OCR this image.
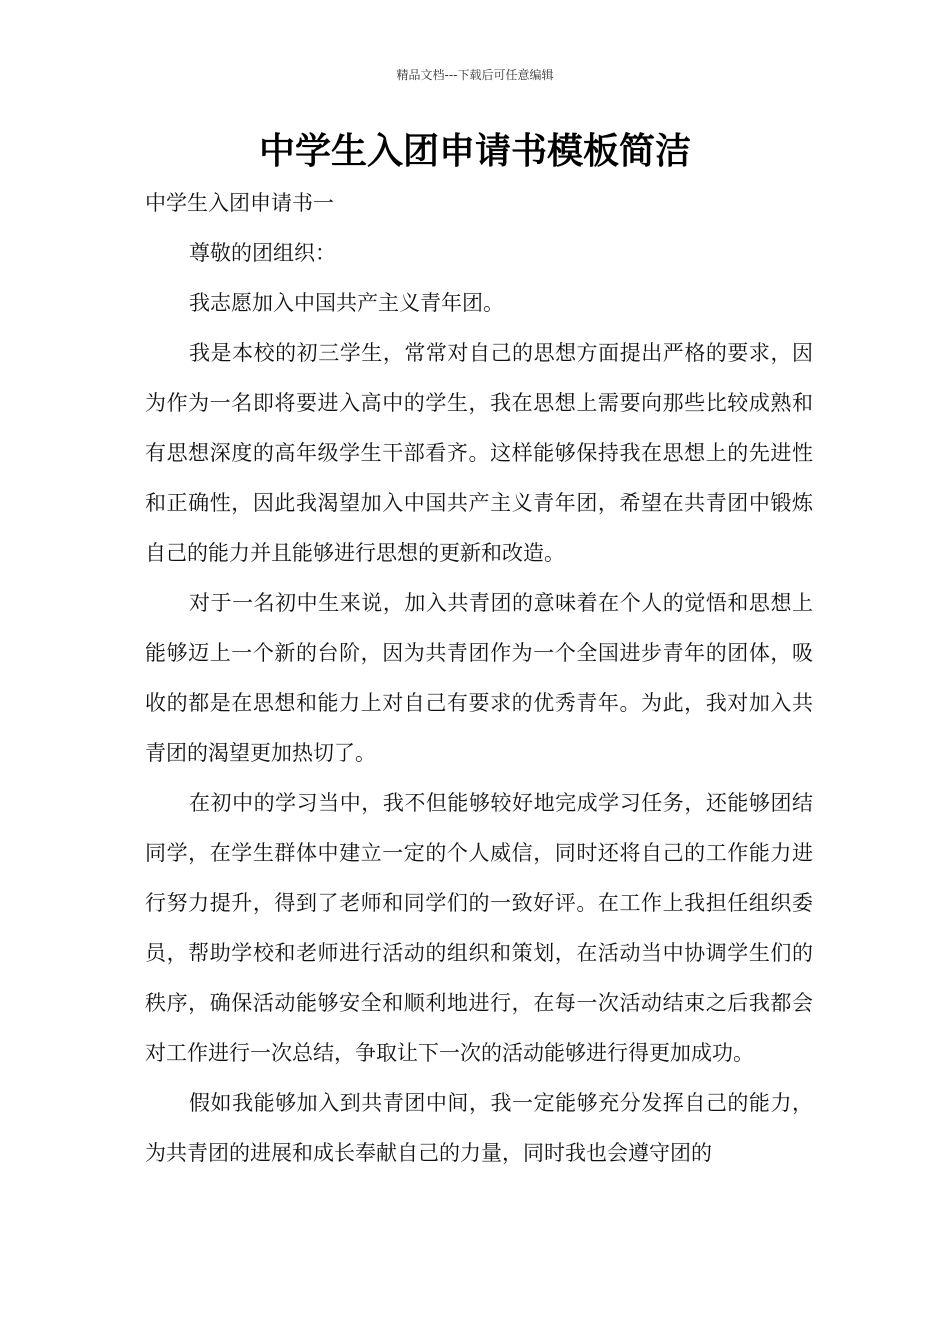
精品文档---下载后可任意编辑
中学生入团申请书模板简洁

中学生入团申请书一

尊敬的团组织：

我志愿加入中国共产主义青年团。

我是本校的初三学生，常常对自己的思想方面提出严格的要求，因为作为一名即将要进入高中的学生，我在思想上需要向那些比较成熟和有思想深度的高年级学生干部看齐。这样能够保持我在思想上的先进性和正确性，因此我渴望加入中国共产主义青年团，希望在共青团中锻炼自己的能力并且能够进行思想的更新和改造。

对于一名初中生来说，加入共青团的意味着在个人的觉悟和思想上能够迈上一个新的台阶，因为共青团作为一个全国进步青年的团体，吸收的都是在思想和能力上对自己有要求的优秀青年。为此，我对加入共青团的渴望更加热切了。

在初中的学习当中，我不但能够较好地完成学习任务，还能够团结同学，在学生群体中建立一定的个人威信，同时还将自己的工作能力进行努力提升，得到了老师和同学们的一致好评。在工作上我担任组织委员，帮助学校和老师进行活动的组织和策划，在活动当中协调学生们的秩序，确保活动能够安全和顺利地进行，在每一次活动结束之后我都会对工作进行一次总结，争取让下一次的活动能够进行得更加成功。

假如我能够加入到共青团中间，我一定能够充分发挥自己的能力，为共青团的进展和成长奉献自己的力量，同时我也会遵守团的
